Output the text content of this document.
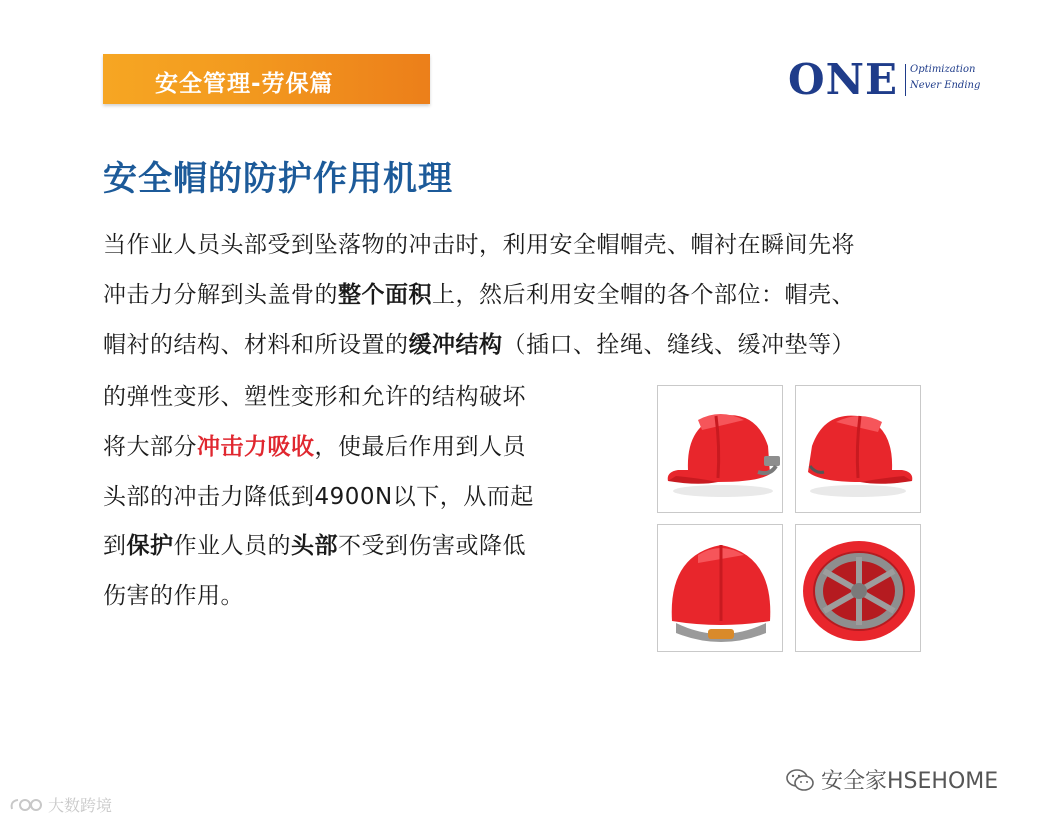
安全管理-劳保篇	ONE Optimization
Never Ending
安全帽的防护作用机理

当作业人员头部受到坠落物的冲击时，利用安全帽帽壳、帽衬在瞬间先将

冲击力分解到头盖骨的整个面积上，然后利用安全帽的各个部位：帽壳、

帽衬的结构、材料和所设置的缓冲结构（插口、拴绳、缝线、缓冲垫等）

的弹性变形、塑性变形和允许的结构破坏

将大部分冲击力吸收，使最后作用到人员

头部的冲击力降低到4900N以下，从而起

到保护作业人员的头部不受到伤害或降低

伤害的作用。

安全家HSEHOME
大数跨境
